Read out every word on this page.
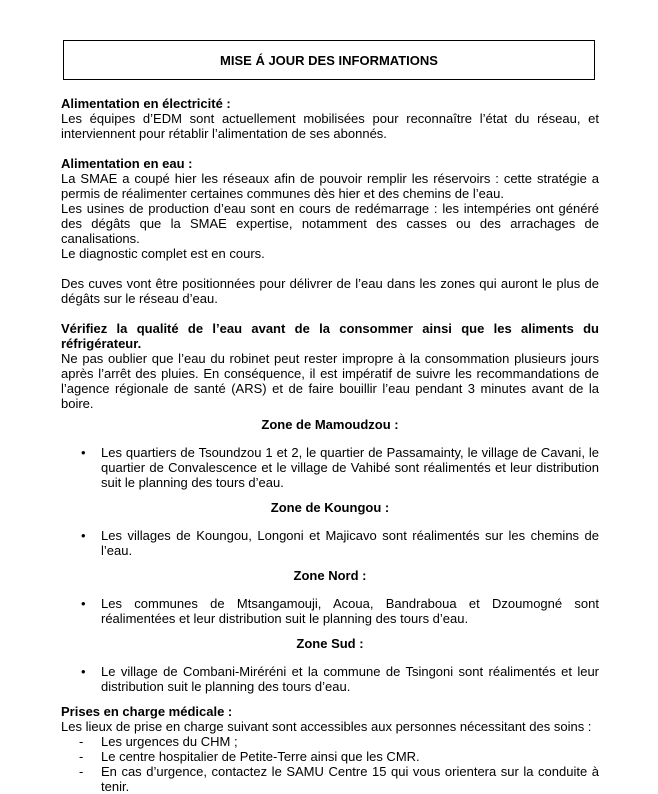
MISE Á JOUR DES INFORMATIONS

Alimentation en électricité :

Les équipes d’EDM sont actuellement mobilisées pour reconnaître l’état du réseau, et interviennent pour rétablir l’alimentation de ses abonnés.

Alimentation en eau :

La SMAE a coupé hier les réseaux afin de pouvoir remplir les réservoirs : cette stratégie a permis de réalimenter certaines communes dès hier et des chemins de l’eau.

Les usines de production d’eau sont en cours de redémarrage : les intempéries ont généré des dégâts que la SMAE expertise, notamment des casses ou des arrachages de canalisations.

Le diagnostic complet est en cours.

Des cuves vont être positionnées pour délivrer de l’eau dans les zones qui auront le plus de dégâts sur le réseau d’eau.

Vérifiez la qualité de l’eau avant de la consommer ainsi que les aliments du réfrigérateur.

Ne pas oublier que l’eau du robinet peut rester impropre à la consommation plusieurs jours après l’arrêt des pluies. En conséquence, il est impératif de suivre les recommandations de l’agence régionale de santé (ARS) et de faire bouillir l’eau pendant 3 minutes avant de la boire.

Zone de Mamoudzou :
•	Les quartiers de Tsoundzou 1 et 2, le quartier de Passamainty, le village de Cavani, le quartier de Convalescence et le village de Vahibé sont réalimentés et leur distribution suit le planning des tours d’eau.
Zone de Koungou :
•	Les villages de Koungou, Longoni et Majicavo sont réalimentés sur les chemins de l’eau.
Zone Nord :
•	Les communes de Mtsangamouji, Acoua, Bandraboua et Dzoumogné sont réalimentées et leur distribution suit le planning des tours d’eau.
Zone Sud :
•	Le village de Combani-Miréréni et la commune de Tsingoni sont réalimentés et leur distribution suit le planning des tours d’eau.

Prises en charge médicale :

Les lieux de prise en charge suivant sont accessibles aux personnes nécessitant des soins :

-	Les urgences du CHM ;
-	Le centre hospitalier de Petite-Terre ainsi que les CMR.
-	En cas d’urgence, contactez le SAMU Centre 15 qui vous orientera sur la conduite à tenir.
